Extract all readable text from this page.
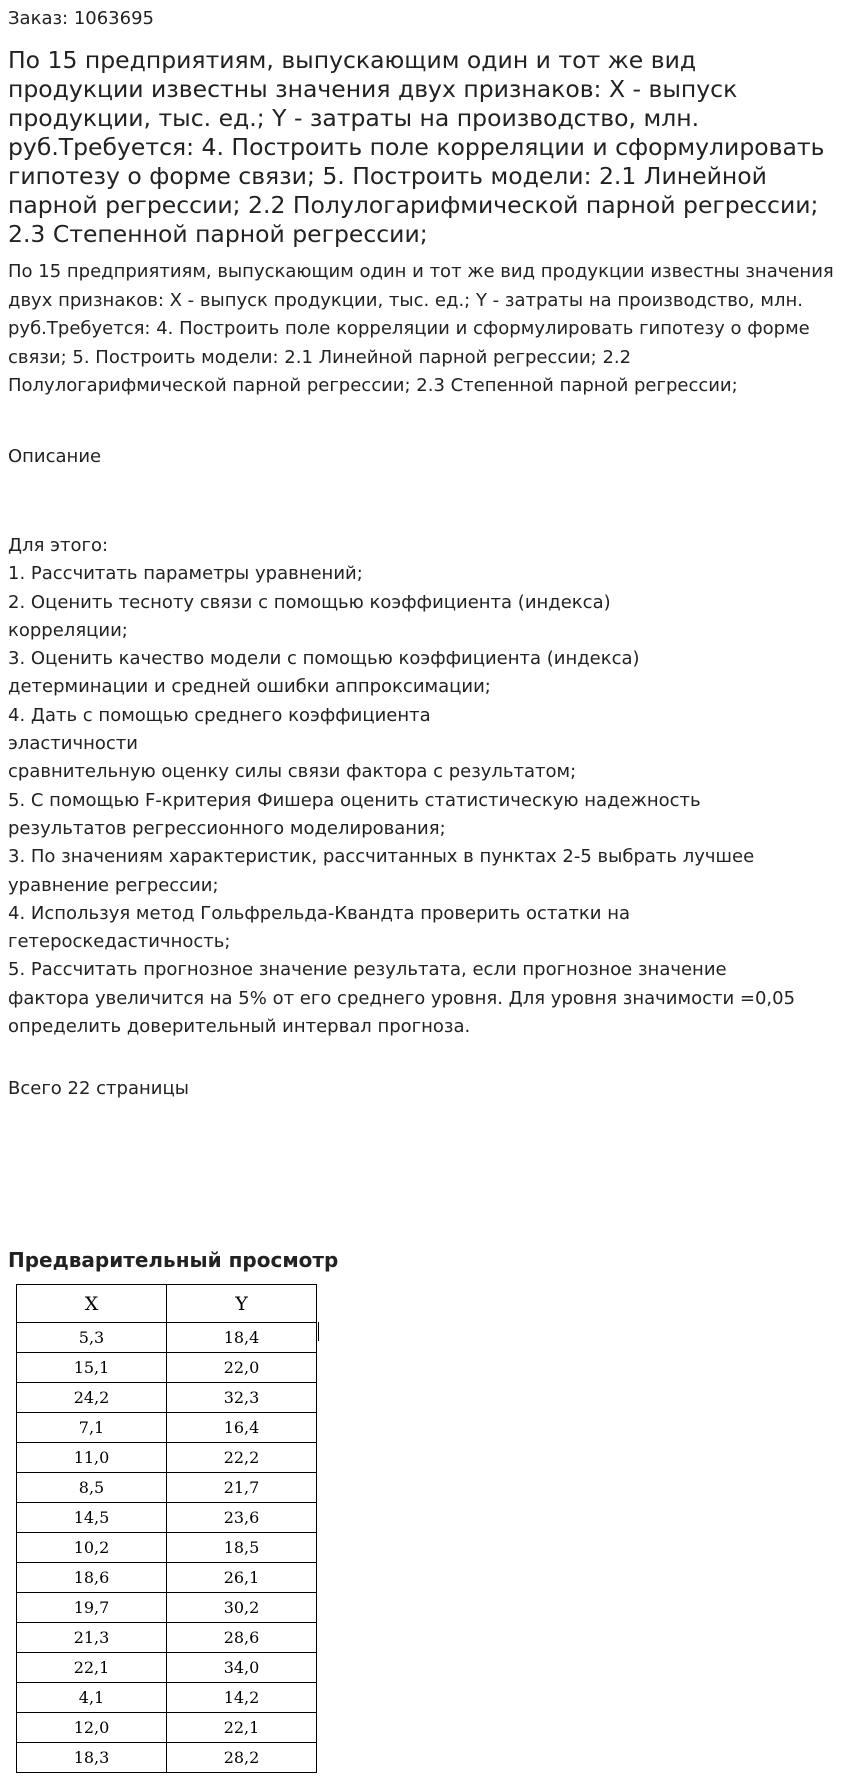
Заказ: 1063695
По 15 предприятиям, выпускающим один и тот же вид продукции известны значения двух признаков: X - выпуск продукции, тыс. ед.; Y - затраты на производство, млн. руб.Требуется: 4. Построить поле корреляции и сформулировать гипотезу о форме связи; 5. Построить модели: 2.1 Линейной парной регрессии; 2.2 Полулогарифмической парной регрессии; 2.3 Степенной парной регрессии;

По 15 предприятиям, выпускающим один и тот же вид продукции известны значения двух признаков: X - выпуск продукции, тыс. ед.; Y - затраты на производство, млн. руб.Требуется: 4. Построить поле корреляции и сформулировать гипотезу о форме связи; 5. Построить модели: 2.1 Линейной парной регрессии; 2.2 Полулогарифмической парной регрессии; 2.3 Степенной парной регрессии;

Описание
Для этого:
1. Рассчитать параметры уравнений;
2. Оценить тесноту связи с помощью коэффициента (индекса)
корреляции;
3. Оценить качество модели с помощью коэффициента (индекса)
детерминации и средней ошибки аппроксимации;
4. Дать с помощью среднего коэффициента
эластичности
сравнительную оценку силы связи фактора с результатом;
5. С помощью F-критерия Фишера оценить статистическую надежность
результатов регрессионного моделирования;
3. По значениям характеристик, рассчитанных в пунктах 2-5 выбрать лучшее
уравнение регрессии;
4. Используя метод Гольфрельда-Квандта проверить остатки на
гетероскедастичность;
5. Рассчитать прогнозное значение результата, если прогнозное значение
фактора увеличится на 5% от его среднего уровня. Для уровня значимости =0,05
определить доверительный интервал прогноза.
Всего 22 страницы
Предварительный просмотр
X	Y
5,3	18,4
15,1	22,0
24,2	32,3
7,1	16,4
11,0	22,2
8,5	21,7
14,5	23,6
10,2	18,5
18,6	26,1
19,7	30,2
21,3	28,6
22,1	34,0
4,1	14,2
12,0	22,1
18,3	28,2
